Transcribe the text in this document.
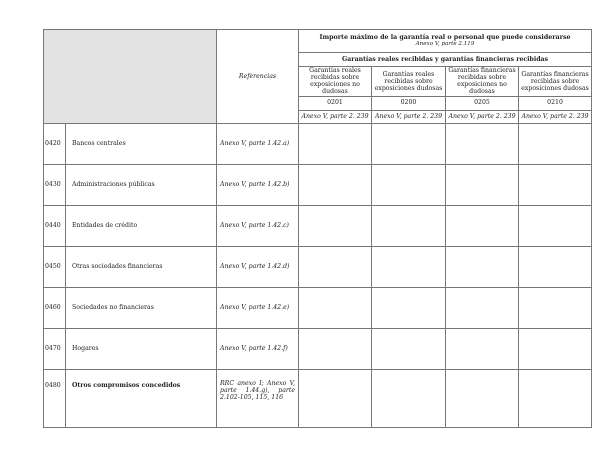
		Referencias	Importe máximo de la garantía real o personal que puede considerarse
Anexo V, parte 2.119			

			Garantías reales recibidas y garantías financieras recibidas			
			Garantías reales recibidas sobre exposiciones no dudosas	Garantías reales recibidas sobre exposiciones dudosas	Garantías financieras recibidas sobre exposiciones no dudosas	Garantías financieras recibidas sobre exposiciones dudosas
			0201	0200	0205	0210
			Anexo V, parte 2. 239	Anexo V, parte 2. 239	Anexo V, parte 2. 239	Anexo V, parte 2. 239
0420	Bancos centrales	Anexo V, parte 1.42.a)				
0430	Administraciones públicas	Anexo V, parte 1.42.b)				
0440	Entidades de crédito	Anexo V, parte 1.42.c)				
0450	Otras sociedades financieras	Anexo V, parte 1.42.d)				
0460	Sociedades no financieras	Anexo V, parte 1.42.e)				
0470	Hogares	Anexo V, parte 1.42.f)				
0480	Otros compromisos concedidos	RRC anexo I; Anexo V, parte 1.44.g), parte 2.102-105, 115, 116				
